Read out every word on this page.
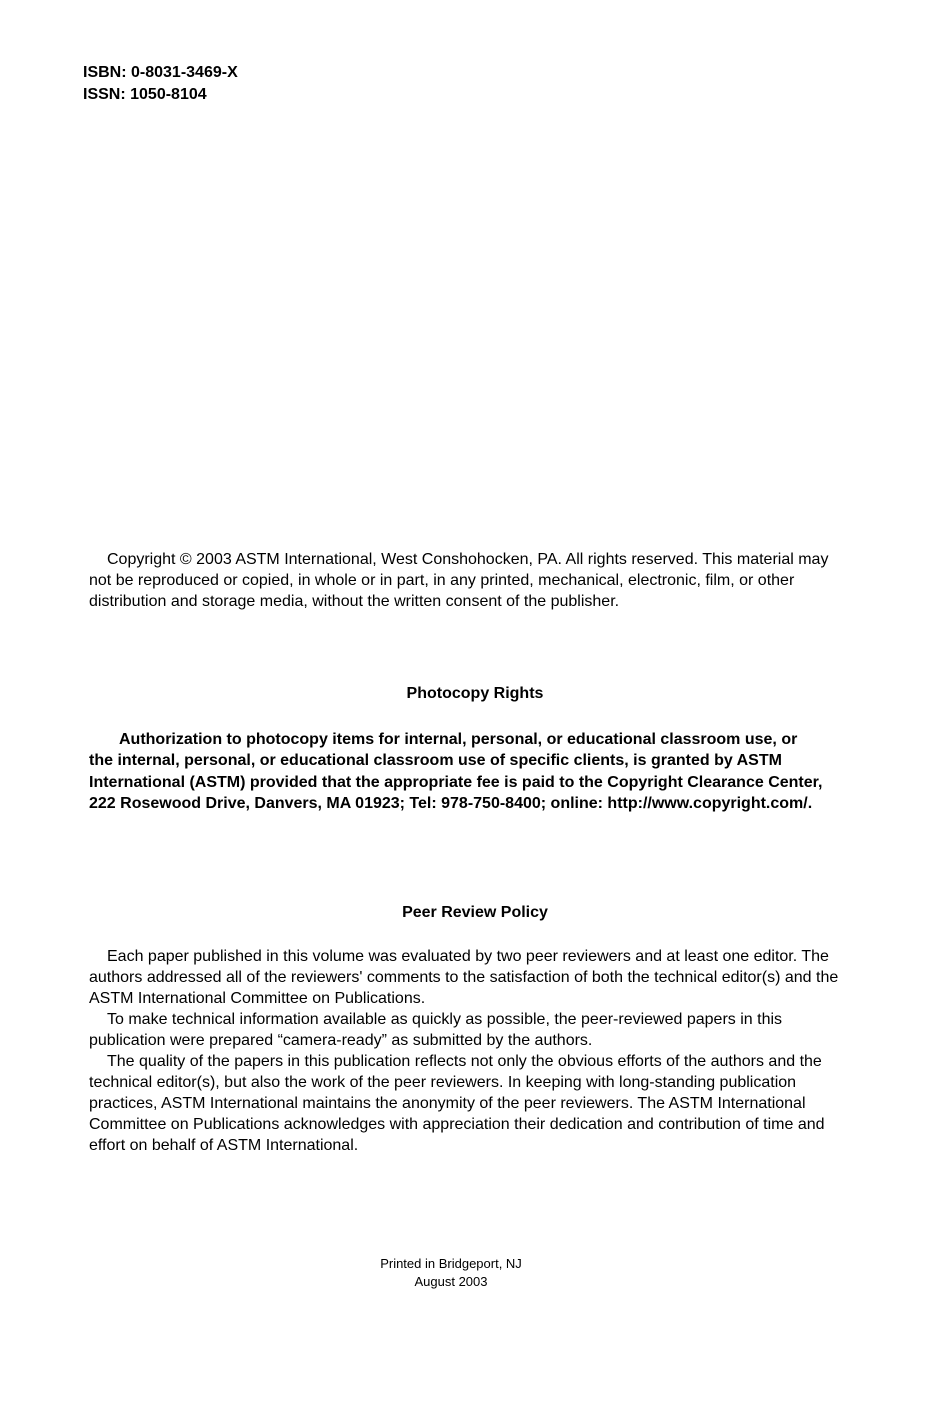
ISBN: 0-8031-3469-X
ISSN: 1050-8104
Copyright © 2003 ASTM International, West Conshohocken, PA. All rights reserved. This material may not be reproduced or copied, in whole or in part, in any printed, mechanical, electronic, film, or other distribution and storage media, without the written consent of the publisher.
Photocopy Rights
Authorization to photocopy items for internal, personal, or educational classroom use, or the internal, personal, or educational classroom use of specific clients, is granted by ASTM International (ASTM) provided that the appropriate fee is paid to the Copyright Clearance Center, 222 Rosewood Drive, Danvers, MA 01923; Tel: 978-750-8400; online: http://www.copyright.com/.
Peer Review Policy

Each paper published in this volume was evaluated by two peer reviewers and at least one editor. The authors addressed all of the reviewers' comments to the satisfaction of both the technical editor(s) and the ASTM International Committee on Publications.

To make technical information available as quickly as possible, the peer-reviewed papers in this publication were prepared “camera-ready” as submitted by the authors.

The quality of the papers in this publication reflects not only the obvious efforts of the authors and the technical editor(s), but also the work of the peer reviewers. In keeping with long-standing publication practices, ASTM International maintains the anonymity of the peer reviewers. The ASTM International Committee on Publications acknowledges with appreciation their dedication and contribution of time and effort on behalf of ASTM International.

Printed in Bridgeport, NJ
August 2003
